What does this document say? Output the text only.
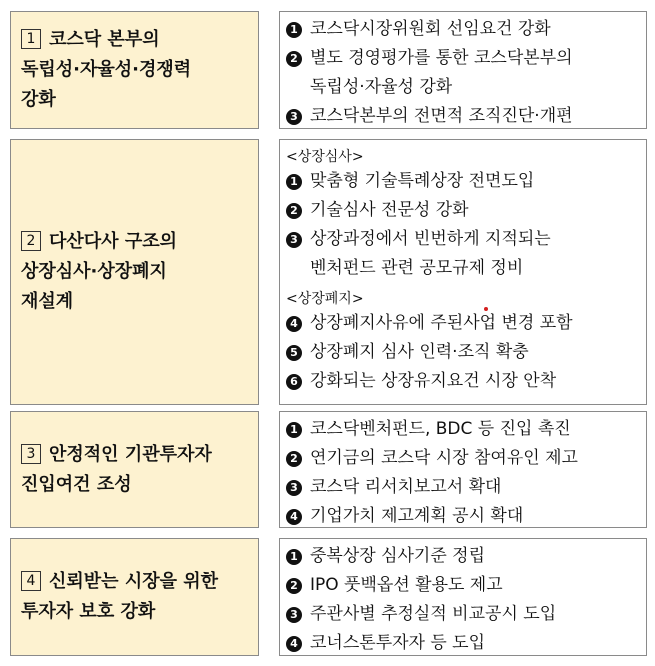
1 코스닥 본부의
독립성·자율성·경쟁력
강화
1 코스닥시장위원회 선임요건 강화
2 별도 경영평가를 통한 코스닥본부의
독립성·자율성 강화
3 코스닥본부의 전면적 조직진단·개편
2 다산다사 구조의
상장심사·상장폐지
재설계
<상장심사>
1 맞춤형 기술특례상장 전면도입
2 기술심사 전문성 강화
3 상장과정에서 빈번하게 지적되는
벤처펀드 관련 공모규제 정비
<상장폐지>
4 상장폐지사유에 주된사업 변경 포함
5 상장폐지 심사 인력·조직 확충
6 강화되는 상장유지요건 시장 안착
3 안정적인 기관투자자
진입여건 조성
1 코스닥벤처펀드, BDC 등 진입 촉진
2 연기금의 코스닥 시장 참여유인 제고
3 코스닥 리서치보고서 확대
4 기업가치 제고계획 공시 확대
4 신뢰받는 시장을 위한
투자자 보호 강화
1 중복상장 심사기준 정립
2 IPO 풋백옵션 활용도 제고
3 주관사별 추정실적 비교공시 도입
4 코너스톤투자자 등 도입
